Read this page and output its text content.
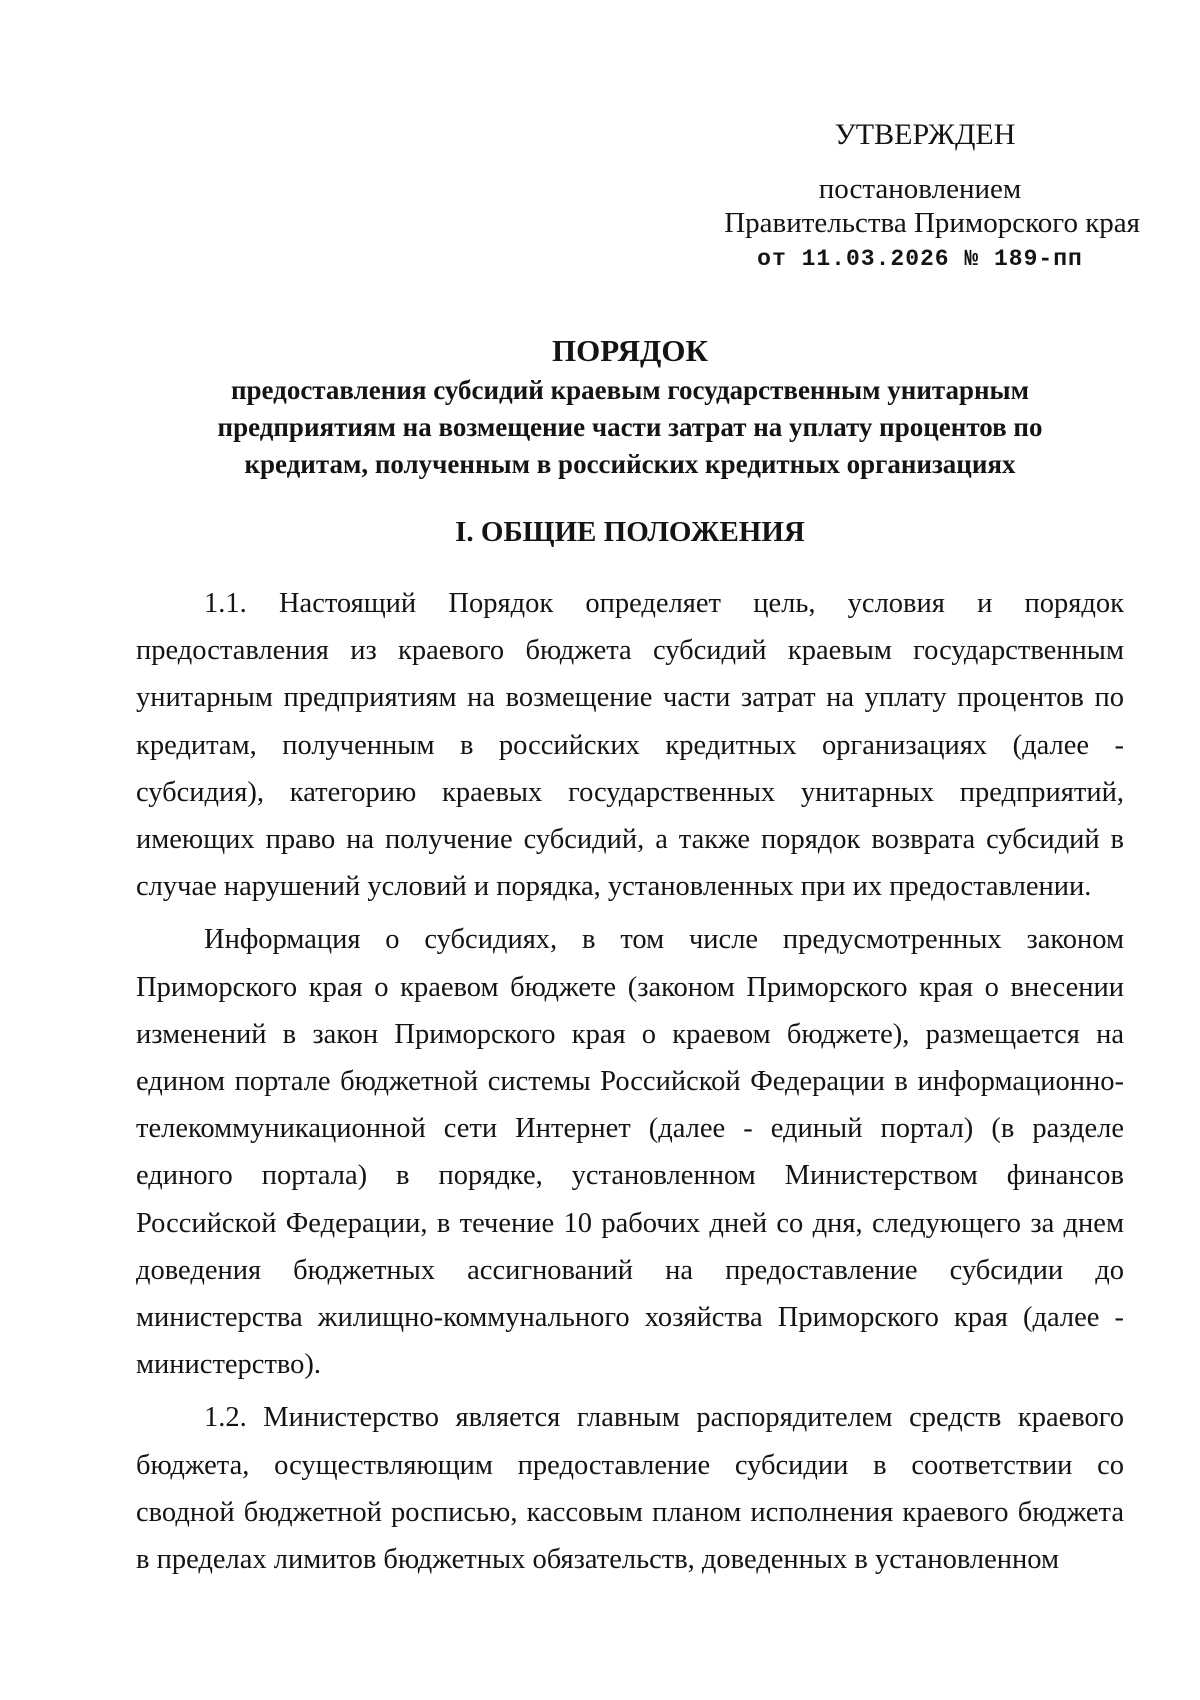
УТВЕРЖДЕН
постановлением
Правительства Приморского края
от 11.03.2026 № 189-пп
ПОРЯДОК
предоставления субсидий краевым государственным унитарным предприятиям на возмещение части затрат на уплату процентов по кредитам, полученным в российских кредитных организациях
I. ОБЩИЕ ПОЛОЖЕНИЯ

1.1. Настоящий Порядок определяет цель, условия и порядок предоставления из краевого бюджета субсидий краевым государственным унитарным предприятиям на возмещение части затрат на уплату процентов по кредитам, полученным в российских кредитных организациях (далее - субсидия), категорию краевых государственных унитарных предприятий, имеющих право на получение субсидий, а также порядок возврата субсидий в случае нарушений условий и порядка, установленных при их предоставлении.

Информация о субсидиях, в том числе предусмотренных законом Приморского края о краевом бюджете (законом Приморского края о внесении изменений в закон Приморского края о краевом бюджете), размещается на едином портале бюджетной системы Российской Федерации в информационно-телекоммуникационной сети Интернет (далее - единый портал) (в разделе единого портала) в порядке, установленном Министерством финансов Российской Федерации, в течение 10 рабочих дней со дня, следующего за днем доведения бюджетных ассигнований на предоставление субсидии до министерства жилищно-коммунального хозяйства Приморского края (далее - министерство).

1.2. Министерство является главным распорядителем средств краевого бюджета, осуществляющим предоставление субсидии в соответствии со сводной бюджетной росписью, кассовым планом исполнения краевого бюджета в пределах лимитов бюджетных обязательств, доведенных в установленном
